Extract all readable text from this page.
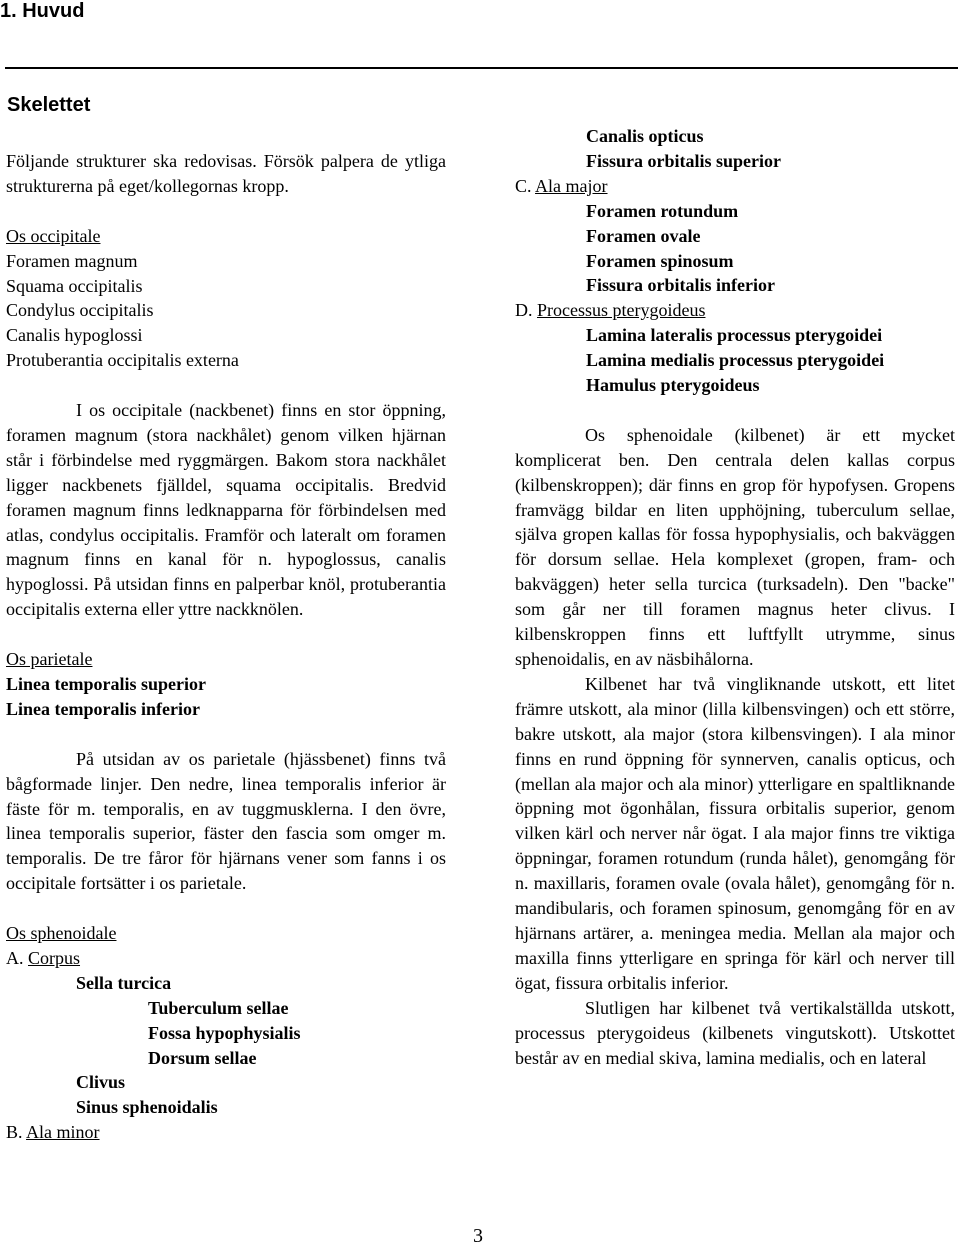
1. Huvud
Skelettet

Följande strukturer ska redovisas. Försök palpera de ytliga strukturerna på eget/kollegornas kropp.

Os occipitale

Foramen magnum

Squama occipitalis

Condylus occipitalis

Canalis hypoglossi

Protuberantia occipitalis externa

I os occipitale (nackbenet) finns en stor öppning, foramen magnum (stora nackhålet) genom vilken hjärnan står i förbindelse med ryggmärgen. Bakom stora nackhålet ligger nackbenets fjälldel, squama occipitalis. Bredvid foramen magnum finns ledknapparna för förbindelsen med atlas, condylus occipitalis. Framför och lateralt om foramen magnum finns en kanal för n. hypoglossus, canalis hypoglossi. På utsidan finns en palperbar knöl, protuberantia occipitalis externa eller yttre nackknölen.

Os parietale

Linea temporalis superior

Linea temporalis inferior

På utsidan av os parietale (hjässbenet) finns två bågformade linjer. Den nedre, linea temporalis inferior är fäste för m. temporalis, en av tuggmusklerna. I den övre, linea temporalis superior, fäster den fascia som omger m. temporalis. De tre fåror för hjärnans vener som fanns i os occipitale fortsätter i os parietale.

Os sphenoidale

A. Corpus

Sella turcica

Tuberculum sellae

Fossa hypophysialis

Dorsum sellae

Clivus

Sinus sphenoidalis

B. Ala minor

Canalis opticus

Fissura orbitalis superior

C. Ala major

Foramen rotundum

Foramen ovale

Foramen spinosum

Fissura orbitalis inferior

D. Processus pterygoideus

Lamina lateralis processus pterygoidei

Lamina medialis processus pterygoidei

Hamulus pterygoideus

Os sphenoidale (kilbenet) är ett mycket komplicerat ben. Den centrala delen kallas corpus (kilbenskroppen); där finns en grop för hypofysen. Gropens framvägg bildar en liten upphöjning, tuberculum sellae, själva gropen kallas för fossa hypophysialis, och bakväggen för dorsum sellae. Hela komplexet (gropen, fram- och bakväggen) heter sella turcica (turksadeln). Den "backe" som går ner till foramen magnus heter clivus. I kilbenskroppen finns ett luftfyllt utrymme, sinus sphenoidalis, en av näsbihålorna.

Kilbenet har två vingliknande utskott, ett litet främre utskott, ala minor (lilla kilbensvingen) och ett större, bakre utskott, ala major (stora kilbensvingen). I ala minor finns en rund öppning för synnerven, canalis opticus, och (mellan ala major och ala minor) ytterligare en spaltliknande öppning mot ögonhålan, fissura orbitalis superior, genom vilken kärl och nerver når ögat. I ala major finns tre viktiga öppningar, foramen rotundum (runda hålet), genomgång för n. maxillaris, foramen ovale (ovala hålet), genomgång för n. mandibularis, och foramen spinosum, genomgång för en av hjärnans artärer, a. meningea media. Mellan ala major och maxilla finns ytterligare en springa för kärl och nerver till ögat, fissura orbitalis inferior.

Slutligen har kilbenet två vertikalställda utskott, processus pterygoideus (kilbenets vingutskott). Utskottet består av en medial skiva, lamina medialis, och en lateral

3
